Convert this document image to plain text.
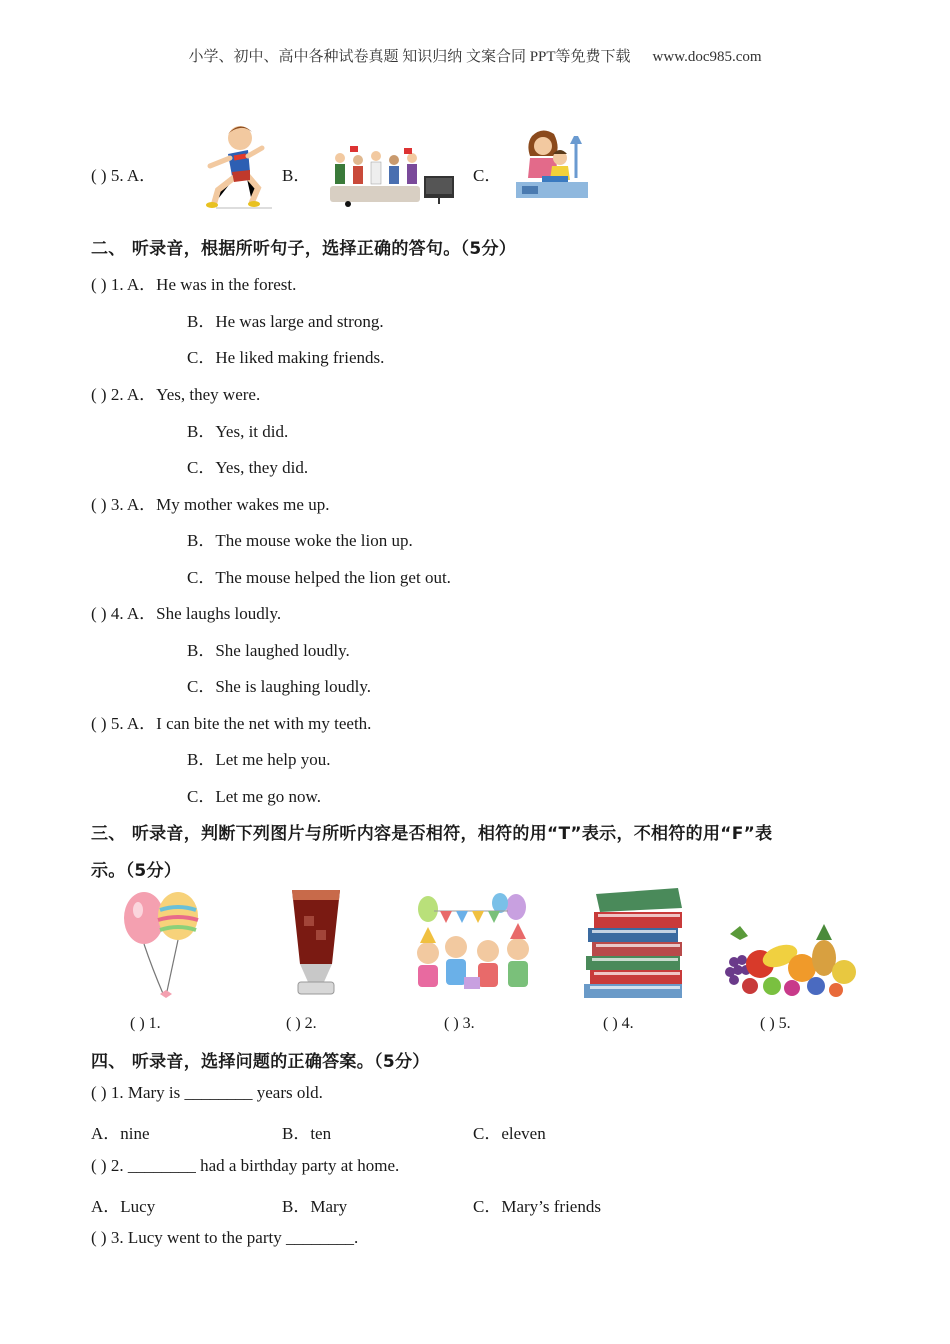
小学、初中、高中各种试卷真题 知识归纳 文案合同 PPT等免费下载 www.doc985.com
( ) 5. A．	B．	C．
二、 听录音，根据所听句子，选择正确的答句。（5分）
( ) 1. A．He was in the forest.
B．He was large and strong.
C．He liked making friends.
( ) 2. A．Yes, they were.
B．Yes, it did.
C．Yes, they did.
( ) 3. A．My mother wakes me up.
B．The mouse woke the lion up.
C．The mouse helped the lion get out.
( ) 4. A．She laughs loudly.
B．She laughed loudly.
C．She is laughing loudly.
( ) 5. A．I can bite the net with my teeth.
B．Let me help you.
C．Let me go now.
三、 听录音，判断下列图片与所听内容是否相符，相符的用“T”表示，不相符的用“F”表
示。（5分）
( ) 1.	( ) 2.	( ) 3.	( ) 4.	( ) 5.
四、 听录音，选择问题的正确答案。（5分）
( ) 1. Mary is ________ years old.
A．nine	B．ten	C．eleven
( ) 2. ________ had a birthday party at home.
A．Lucy	B．Mary	C．Mary’s friends
( ) 3. Lucy went to the party ________.
